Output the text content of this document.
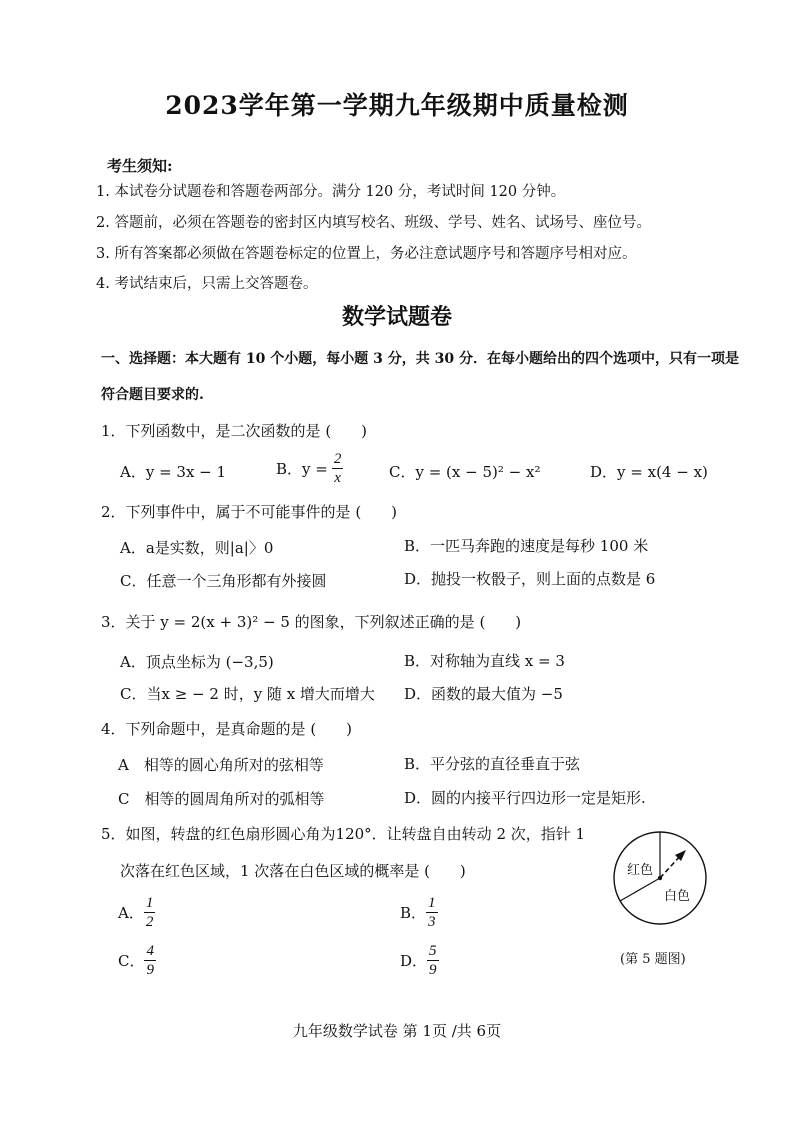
2023学年第一学期九年级期中质量检测
考生须知:
1. 本试卷分试题卷和答题卷两部分。满分 120 分，考试时间 120 分钟。
2. 答题前，必须在答题卷的密封区内填写校名、班级、学号、姓名、试场号、座位号。
3. 所有答案都必须做在答题卷标定的位置上，务必注意试题序号和答题序号相对应。
4. 考试结束后，只需上交答题卷。
数学试题卷
一、选择题：本大题有 10 个小题，每小题 3 分，共 30 分．在每小题给出的四个选项中，只有一项是
符合题目要求的.
1．下列函数中，是二次函数的是 (　　)
A．y = 3x − 1	B．$y = \frac{2}{x}$	C．y = (x − 5)² − x²	D．y = x(4 − x)
2．下列事件中，属于不可能事件的是 (　　)
A．a是实数，则|a|〉0	B．一匹马奔跑的速度是每秒 100 米
C．任意一个三角形都有外接圆	D．抛投一枚骰子，则上面的点数是 6
3．关于 y = 2(x + 3)² − 5 的图象，下列叙述正确的是 (　　)
A．顶点坐标为 (−3,5)	B．对称轴为直线 x = 3
C．当x ≥ − 2 时，y 随 x 增大而增大 D．函数的最大值为 −5
4．下列命题中，是真命题的是 (　　)
A　相等的圆心角所对的弦相等	B．平分弦的直径垂直于弦
C　相等的圆周角所对的弧相等	D．圆的内接平行四边形一定是矩形.
5．如图，转盘的红色扇形圆心角为120°．让转盘自由转动 2 次，指针 1
次落在红色区域，1 次落在白色区域的概率是 (　　)
A． $\frac{1}{2}$	B． $\frac{1}{3}$
C． $\frac{4}{9}$	D． $\frac{5}{9}$
红色
白色
(第 5 题图)
九年级数学试卷 第 1页 /共 6页
